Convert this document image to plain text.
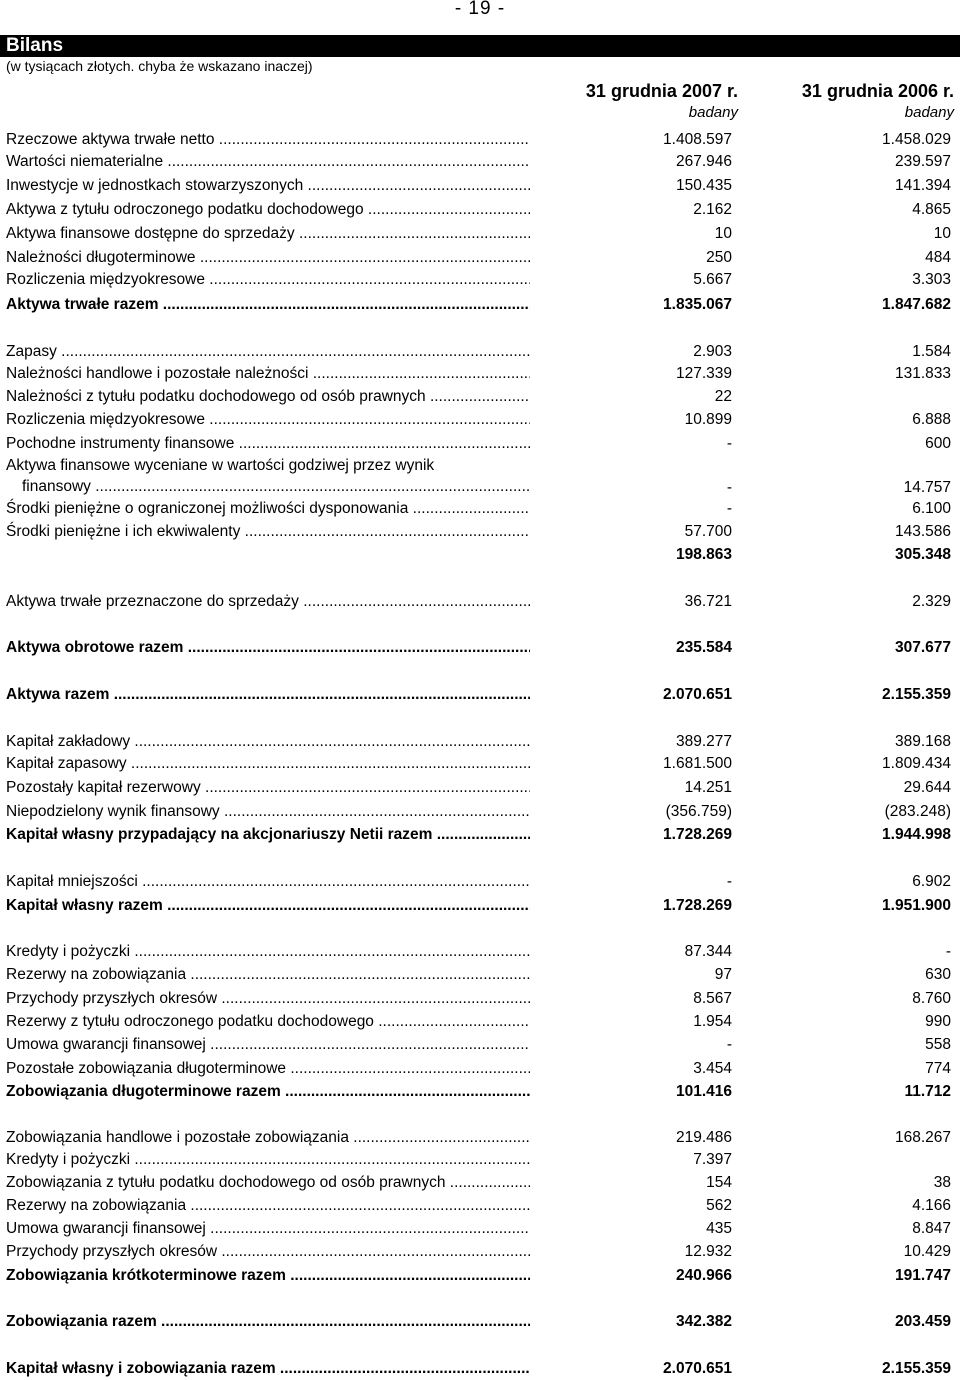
- 19 -
Bilans
(w tysiącach złotych. chyba że wskazano inaczej)
31 grudnia 2007 r.	31 grudnia 2006 r.
badany	badany
Rzeczowe aktywa trwałe netto .....	1.408.597	1.458.029
Wartości niematerialne .....	267.946	239.597
Inwestycje w jednostkach stowarzyszonych .....	150.435	141.394
Aktywa z tytułu odroczonego podatku dochodowego .....	2.162	4.865
Aktywa finansowe dostępne do sprzedaży .....	10	10
Należności długoterminowe .....	250	484
Rozliczenia międzyokresowe .....	5.667	3.303
Aktywa trwałe razem .....	1.835.067	1.847.682
Zapasy .....	2.903	1.584
Należności handlowe i pozostałe należności .....	127.339	131.833
Należności z tytułu podatku dochodowego od osób prawnych .....	22
Rozliczenia międzyokresowe .....	10.899	6.888
Pochodne instrumenty finansowe .....	-	600
Aktywa finansowe wyceniane w wartości godziwej przez wynik
finansowy .....	-	14.757
Środki pieniężne o ograniczonej możliwości dysponowania .....	-	6.100
Środki pieniężne i ich ekwiwalenty .....	57.700	143.586
198.863	305.348
Aktywa trwałe przeznaczone do sprzedaży .....	36.721	2.329
Aktywa obrotowe razem .....	235.584	307.677
Aktywa razem .....	2.070.651	2.155.359
Kapitał zakładowy .....	389.277	389.168
Kapitał zapasowy .....	1.681.500	1.809.434
Pozostały kapitał rezerwowy .....	14.251	29.644
Niepodzielony wynik finansowy .....	(356.759)	(283.248)
Kapitał własny przypadający na akcjonariuszy Netii razem .....	1.728.269	1.944.998
Kapitał mniejszości .....	-	6.902
Kapitał własny razem .....	1.728.269	1.951.900
Kredyty i pożyczki .....	87.344	-
Rezerwy na zobowiązania .....	97	630
Przychody przyszłych okresów .....	8.567	8.760
Rezerwy z tytułu odroczonego podatku dochodowego .....	1.954	990
Umowa gwarancji finansowej .....	-	558
Pozostałe zobowiązania długoterminowe .....	3.454	774
Zobowiązania długoterminowe razem .....	101.416	11.712
Zobowiązania handlowe i pozostałe zobowiązania .....	219.486	168.267
Kredyty i pożyczki .....	7.397
Zobowiązania z tytułu podatku dochodowego od osób prawnych .....	154	38
Rezerwy na zobowiązania .....	562	4.166
Umowa gwarancji finansowej .....	435	8.847
Przychody przyszłych okresów .....	12.932	10.429
Zobowiązania krótkoterminowe razem .....	240.966	191.747
Zobowiązania razem .....	342.382	203.459
Kapitał własny i zobowiązania razem .....	2.070.651	2.155.359
